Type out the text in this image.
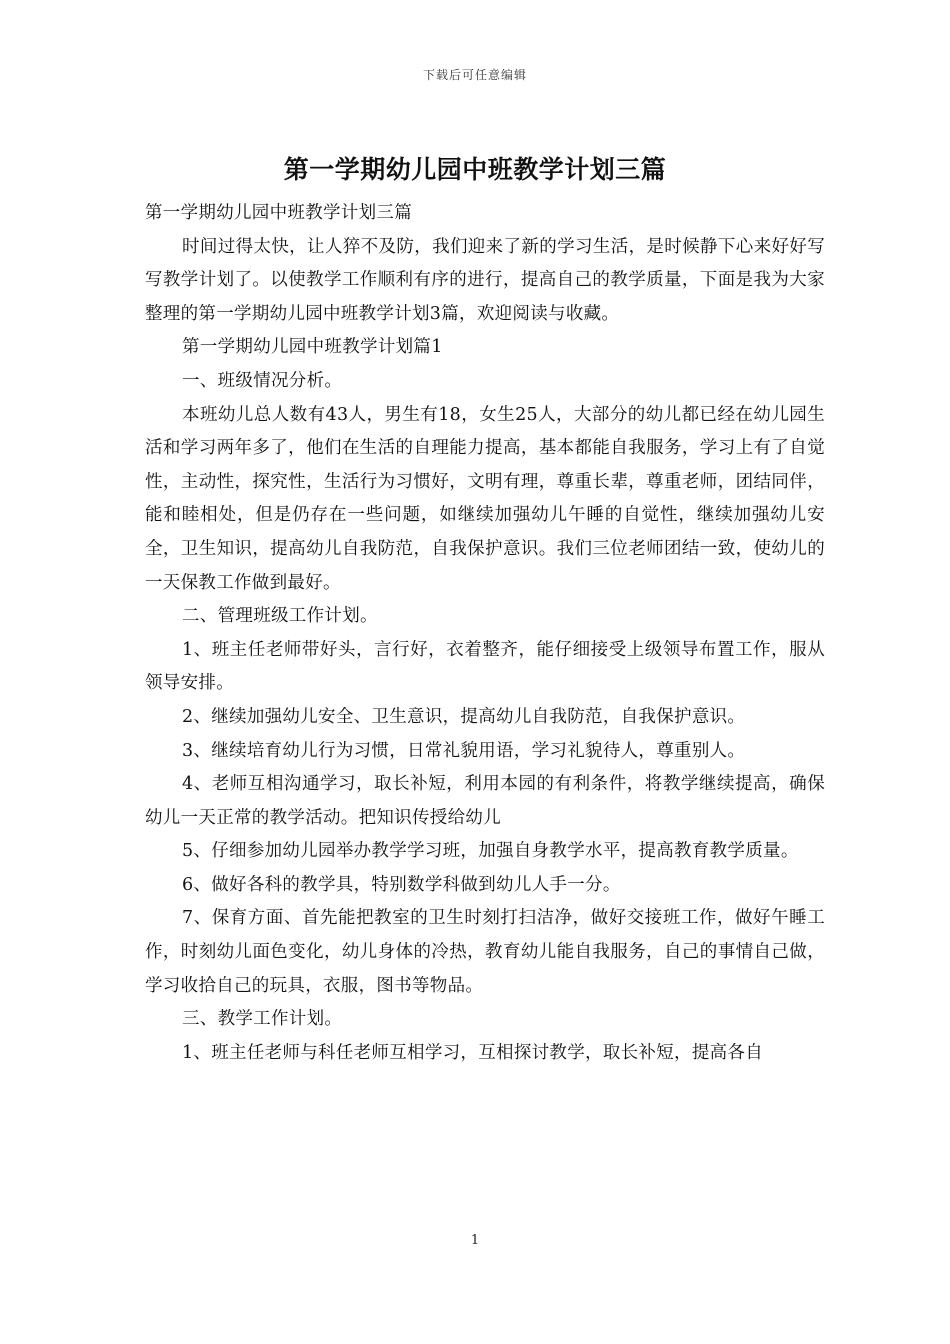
下载后可任意编辑
第一学期幼儿园中班教学计划三篇

第一学期幼儿园中班教学计划三篇

时间过得太快，让人猝不及防，我们迎来了新的学习生活，是时候静下心来好好写写教学计划了。以使教学工作顺利有序的进行，提高自己的教学质量，下面是我为大家整理的第一学期幼儿园中班教学计划3篇，欢迎阅读与收藏。

第一学期幼儿园中班教学计划篇1

一、班级情况分析。

本班幼儿总人数有43人，男生有18，女生25人，大部分的幼儿都已经在幼儿园生活和学习两年多了，他们在生活的自理能力提高，基本都能自我服务，学习上有了自觉性，主动性，探究性，生活行为习惯好，文明有理，尊重长辈，尊重老师，团结同伴，能和睦相处，但是仍存在一些问题，如继续加强幼儿午睡的自觉性，继续加强幼儿安全，卫生知识，提高幼儿自我防范，自我保护意识。我们三位老师团结一致，使幼儿的一天保教工作做到最好。

二、管理班级工作计划。

1、班主任老师带好头，言行好，衣着整齐，能仔细接受上级领导布置工作，服从领导安排。

2、继续加强幼儿安全、卫生意识，提高幼儿自我防范，自我保护意识。

3、继续培育幼儿行为习惯，日常礼貌用语，学习礼貌待人，尊重别人。

4、老师互相沟通学习，取长补短，利用本园的有利条件，将教学继续提高，确保幼儿一天正常的教学活动。把知识传授给幼儿

5、仔细参加幼儿园举办教学学习班，加强自身教学水平，提高教育教学质量。

6、做好各科的教学具，特别数学科做到幼儿人手一分。

7、保育方面、首先能把教室的卫生时刻打扫洁净，做好交接班工作，做好午睡工作，时刻幼儿面色变化，幼儿身体的冷热，教育幼儿能自我服务，自己的事情自己做，学习收拾自己的玩具，衣服，图书等物品。

三、教学工作计划。

1、班主任老师与科任老师互相学习，互相探讨教学，取长补短，提高各自

1
